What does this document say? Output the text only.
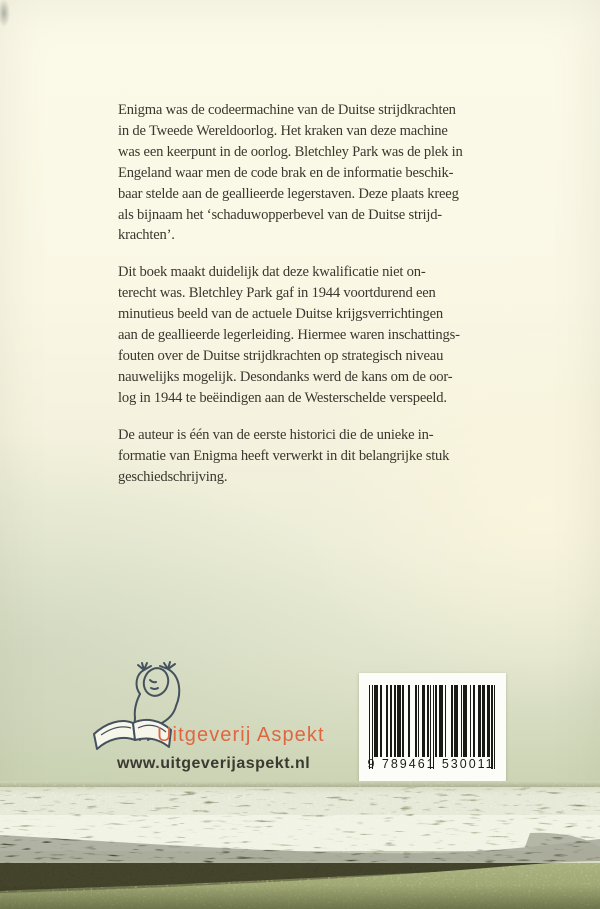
Enigma was de codeermachine van de Duitse strijdkrachten
in de Tweede Wereldoorlog. Het kraken van deze machine
was een keerpunt in de oorlog. Bletchley Park was de plek in
Engeland waar men de code brak en de informatie beschik-
baar stelde aan de geallieerde legerstaven. Deze plaats kreeg
als bijnaam het ‘schaduwopperbevel van de Duitse strijd-
krachten’.
Dit boek maakt duidelijk dat deze kwalificatie niet on-
terecht was. Bletchley Park gaf in 1944 voortdurend een
minutieus beeld van de actuele Duitse krijgsverrichtingen
aan de geallieerde legerleiding. Hiermee waren inschattings-
fouten over de Duitse strijdkrachten op strategisch niveau
nauwelijks mogelijk. Desondanks werd de kans om de oor-
log in 1944 te beëindigen aan de Westerschelde verspeeld.
De auteur is één van de eerste historici die de unieke in-
formatie van Enigma heeft verwerkt in dit belangrijke stuk
geschiedschrijving.
Uitgeverij Aspekt
www.uitgeverijaspekt.nl	9 789461 530011
